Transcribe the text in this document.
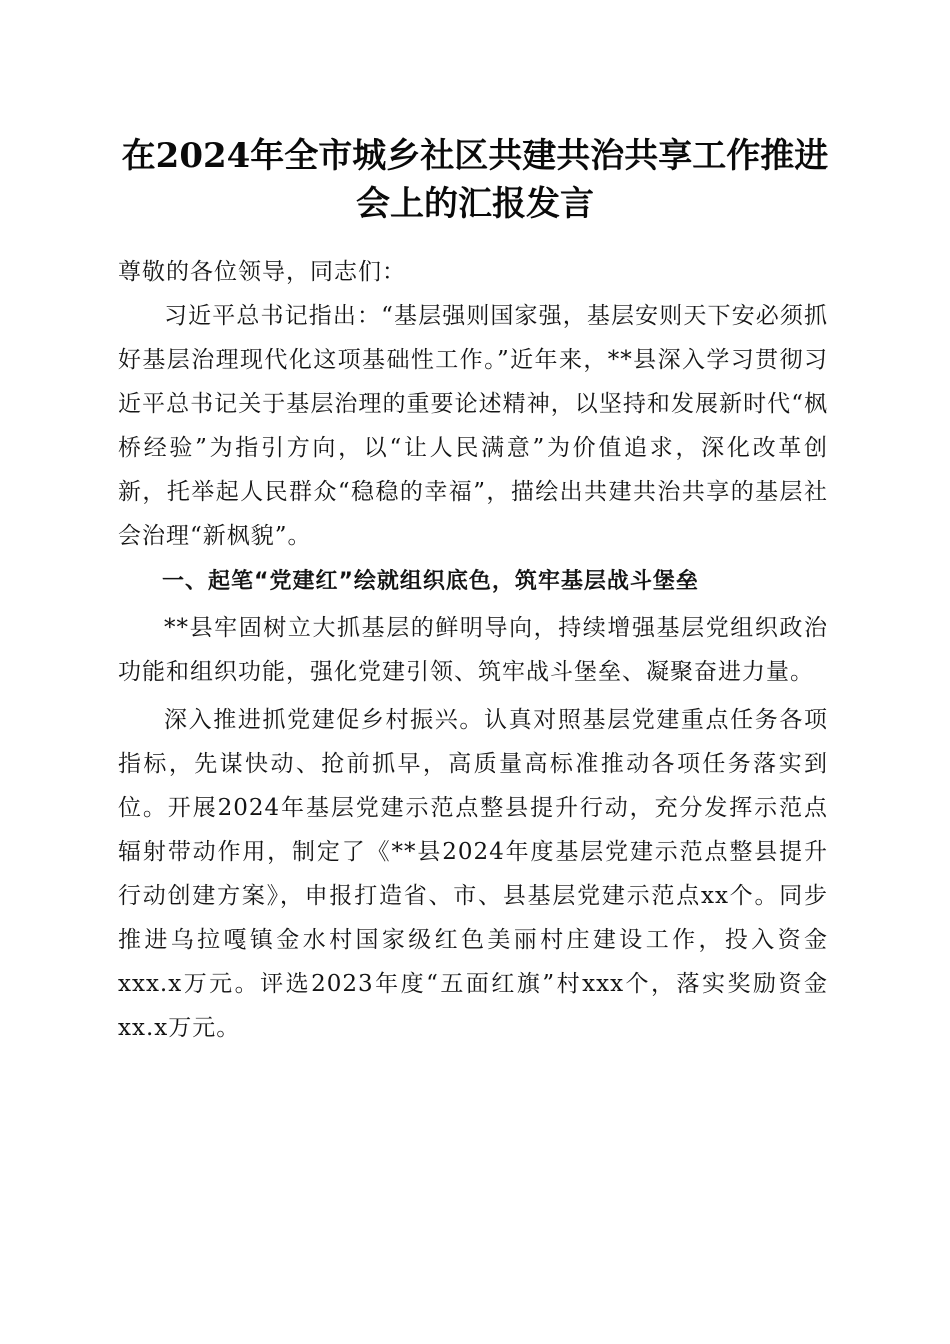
在2024年全市城乡社区共建共治共享工作推进会上的汇报发言

尊敬的各位领导，同志们：

习近平总书记指出：“基层强则国家强，基层安则天下安必须抓好基层治理现代化这项基础性工作。”近年来，**县深入学习贯彻习近平总书记关于基层治理的重要论述精神，以坚持和发展新时代“枫桥经验”为指引方向，以“让人民满意”为价值追求，深化改革创新，托举起人民群众“稳稳的幸福”，描绘出共建共治共享的基层社会治理“新枫貌”。

一、起笔“党建红”绘就组织底色，筑牢基层战斗堡垒

**县牢固树立大抓基层的鲜明导向，持续增强基层党组织政治功能和组织功能，强化党建引领、筑牢战斗堡垒、凝聚奋进力量。

深入推进抓党建促乡村振兴。认真对照基层党建重点任务各项指标，先谋快动、抢前抓早，高质量高标准推动各项任务落实到位。开展2024年基层党建示范点整县提升行动，充分发挥示范点辐射带动作用，制定了《**县2024年度基层党建示范点整县提升行动创建方案》，申报打造省、市、县基层党建示范点xx个。同步推进乌拉嘎镇金水村国家级红色美丽村庄建设工作，投入资金xxx.x万元。评选2023年度“五面红旗”村xxx个，落实奖励资金xx.x万元。
